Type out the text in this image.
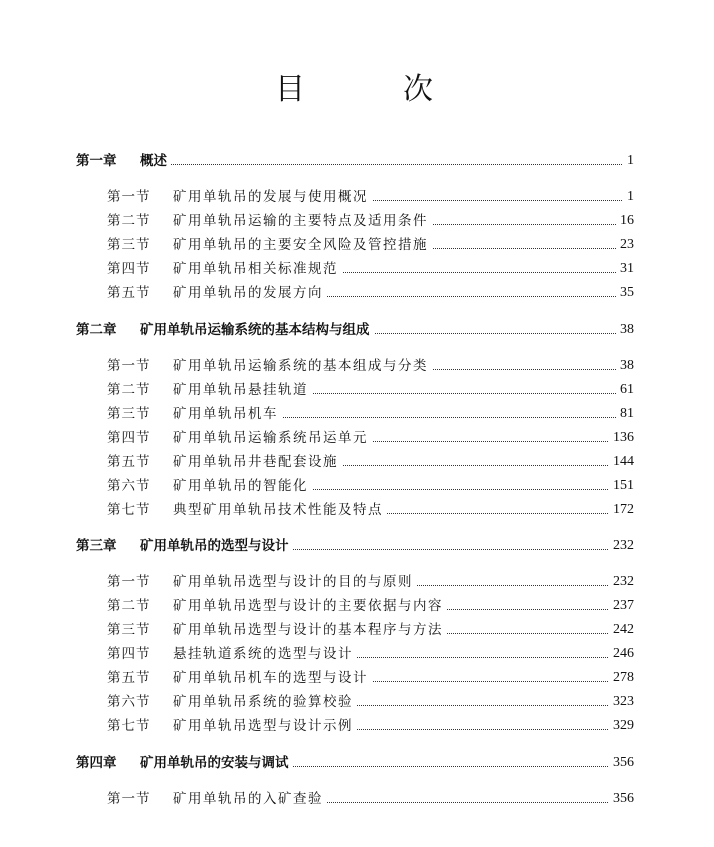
目	次
第一章 概述	1
第一节 矿用单轨吊的发展与使用概况	1
第二节 矿用单轨吊运输的主要特点及适用条件	16
第三节 矿用单轨吊的主要安全风险及管控措施	23
第四节 矿用单轨吊相关标准规范	31
第五节 矿用单轨吊的发展方向	35
第二章 矿用单轨吊运输系统的基本结构与组成	38
第一节 矿用单轨吊运输系统的基本组成与分类	38
第二节 矿用单轨吊悬挂轨道	61
第三节 矿用单轨吊机车	81
第四节 矿用单轨吊运输系统吊运单元	136
第五节 矿用单轨吊井巷配套设施	144
第六节 矿用单轨吊的智能化	151
第七节 典型矿用单轨吊技术性能及特点	172
第三章 矿用单轨吊的选型与设计	232
第一节 矿用单轨吊选型与设计的目的与原则	232
第二节 矿用单轨吊选型与设计的主要依据与内容	237
第三节 矿用单轨吊选型与设计的基本程序与方法	242
第四节 悬挂轨道系统的选型与设计	246
第五节 矿用单轨吊机车的选型与设计	278
第六节 矿用单轨吊系统的验算校验	323
第七节 矿用单轨吊选型与设计示例	329
第四章 矿用单轨吊的安装与调试	356
第一节 矿用单轨吊的入矿查验	356
